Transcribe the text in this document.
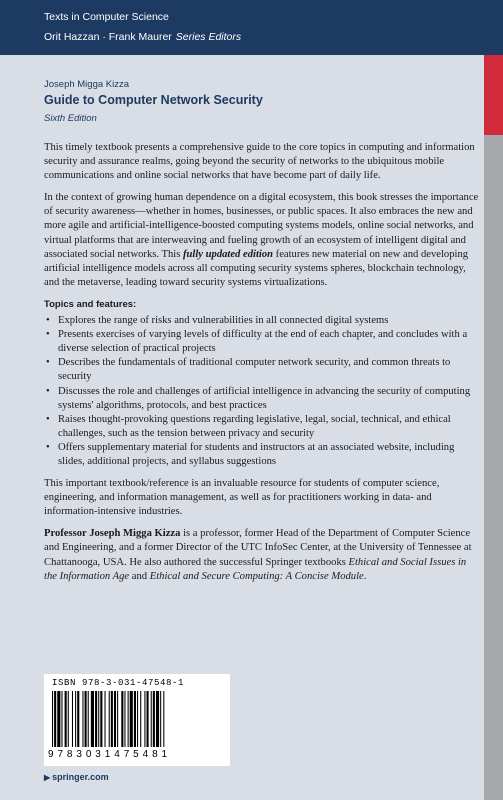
Texts in Computer Science
Orit Hazzan · Frank Maurer Series Editors
Joseph Migga Kizza
Guide to Computer Network Security
Sixth Edition

This timely textbook presents a comprehensive guide to the core topics in computing and information security and assurance realms, going beyond the security of networks to the ubiquitous mobile communications and online social networks that have become part of daily life.

In the context of growing human dependence on a digital ecosystem, this book stresses the importance of security awareness—whether in homes, businesses, or public spaces. It also embraces the new and more agile and artificial-intelligence-boosted computing systems models, online social networks, and virtual platforms that are interweaving and fueling growth of an ecosystem of intelligent digital and associated social networks. This fully updated edition features new material on new and developing artificial intelligence models across all computing security systems spheres, blockchain technology, and the metaverse, leading toward security systems virtualizations.

Topics and features:
• Explores the range of risks and vulnerabilities in all connected digital systems
• Presents exercises of varying levels of difficulty at the end of each chapter, and concludes with a diverse selection of practical projects
• Describes the fundamentals of traditional computer network security, and common threats to security
• Discusses the role and challenges of artificial intelligence in advancing the security of computing systems' algorithms, protocols, and best practices
• Raises thought-provoking questions regarding legislative, legal, social, technical, and ethical challenges, such as the tension between privacy and security
• Offers supplementary material for students and instructors at an associated website, including slides, additional projects, and syllabus suggestions

This important textbook/reference is an invaluable resource for students of computer science, engineering, and information management, as well as for practitioners working in data- and information-intensive industries.

Professor Joseph Migga Kizza is a professor, former Head of the Department of Computer Science and Engineering, and a former Director of the UTC InfoSec Center, at the University of Tennessee at Chattanooga, USA. He also authored the successful Springer textbooks Ethical and Social Issues in the Information Age and Ethical and Secure Computing: A Concise Module.

ISBN 978-3-031-47548-1
9783031475481
▶ springer.com
